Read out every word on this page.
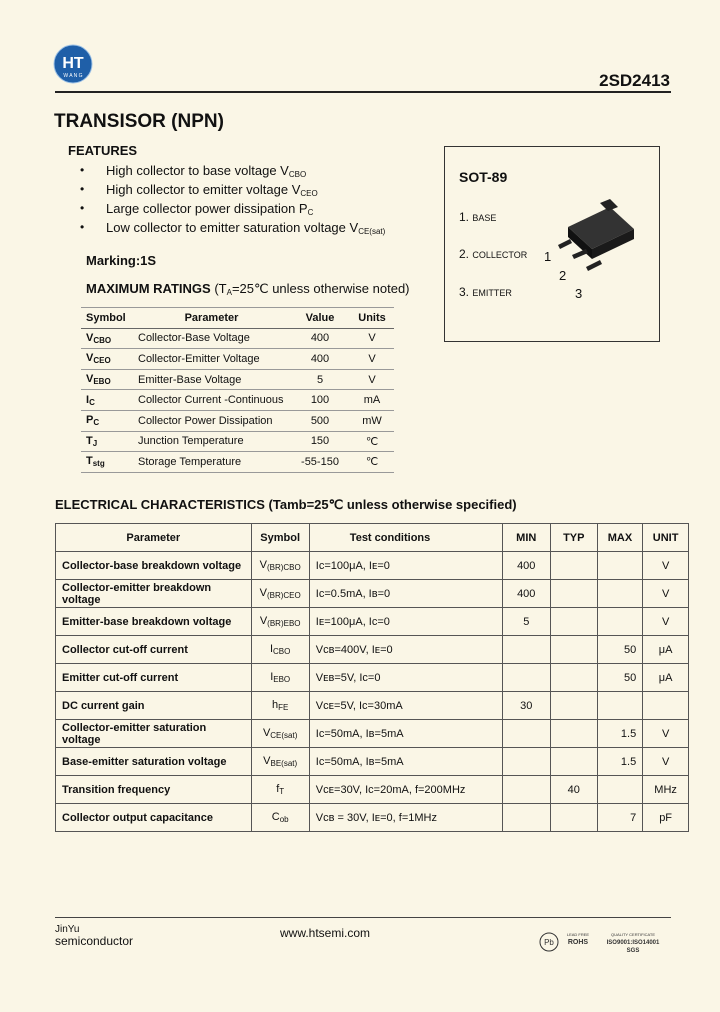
HT
W A N G	2SD2413
TRANSISOR (NPN)
FEATURES
• High collector to base voltage $V_{CBO}$
• High collector to emitter voltage $V_{CEO}$
• Large collector power dissipation $P_C$
• Low collector to emitter saturation voltage $V_{CE(sat)}$
Marking:1S
MAXIMUM RATINGS ($T_A=25℃$ unless otherwise noted)
Symbol	Parameter	Value	Units
$V_{CBO}$	Collector-Base Voltage	400	V
$V_{CEO}$	Collector-Emitter Voltage	400	V
$V_{EBO}$	Emitter-Base Voltage	5	V
$I_C$	Collector Current -Continuous	100	mA
$P_C$	Collector Power Dissipation	500	mW
$T_J$	Junction Temperature	150	℃
$T_{stg}$	Storage Temperature	-55-150	℃
SOT-89
1. BASE
2. COLLECTOR
3. EMITTER
1
2
3
ELECTRICAL CHARACTERISTICS (Tamb=25℃ unless otherwise specified)
Parameter	Symbol	Test conditions	MIN	TYP	MAX	UNIT
Collector-base breakdown voltage	$V_{(BR)CBO}$	Iᴄ=100μA, Iᴇ=0	400			V
Collector-emitter breakdown voltage	$V_{(BR)CEO}$	Iᴄ=0.5mA, Iʙ=0	400			V
Emitter-base breakdown voltage	$V_{(BR)EBO}$	Iᴇ=100μA, Iᴄ=0	5			V
Collector cut-off current	$I_{CBO}$	Vᴄʙ=400V, Iᴇ=0			50	μA
Emitter cut-off current	$I_{EBO}$	Vᴇʙ=5V, Iᴄ=0			50	μA
DC current gain	$h_{FE}$	Vᴄᴇ=5V, Iᴄ=30mA	30			
Collector-emitter saturation voltage	$V_{CE(sat)}$	Iᴄ=50mA, Iʙ=5mA			1.5	V
Base-emitter saturation voltage	$V_{BE(sat)}$	Iᴄ=50mA, Iʙ=5mA			1.5	V
Transition frequency	$f_T$	Vᴄᴇ=30V, Iᴄ=20mA, f=200MHz		40		MHz
Collector output capacitance	$C_{ob}$	Vᴄʙ = 30V, Iᴇ=0, f=1MHz			7	pF
JinYu
semiconductor
www.htsemi.com
Pb
LEAD FREE
ROHS
QUALITY CERTIFICATE
ISO9001:ISO14001
SGS
